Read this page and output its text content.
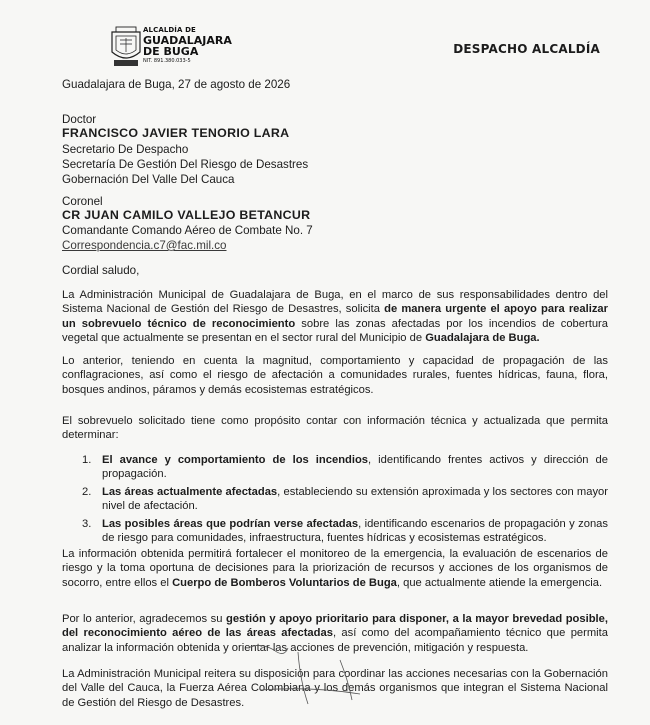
ALCALDÍA DE
GUADALAJARA
DE BUGA
NIT. 891.380.033-5
DESPACHO ALCALDÍA
Guadalajara de Buga, 27 de agosto de 2026
Doctor
FRANCISCO JAVIER TENORIO LARA
Secretario De Despacho
Secretaría De Gestión Del Riesgo de Desastres
Gobernación Del Valle Del Cauca
Coronel
CR JUAN CAMILO VALLEJO BETANCUR
Comandante Comando Aéreo de Combate No. 7
Correspondencia.c7@fac.mil.co
Cordial saludo,
La Administración Municipal de Guadalajara de Buga, en el marco de sus responsabilidades dentro del Sistema Nacional de Gestión del Riesgo de Desastres, solicita de manera urgente el apoyo para realizar un sobrevuelo técnico de reconocimiento sobre las zonas afectadas por los incendios de cobertura vegetal que actualmente se presentan en el sector rural del Municipio de Guadalajara de Buga.
Lo anterior, teniendo en cuenta la magnitud, comportamiento y capacidad de propagación de las conflagraciones, así como el riesgo de afectación a comunidades rurales, fuentes hídricas, fauna, flora, bosques andinos, páramos y demás ecosistemas estratégicos.
El sobrevuelo solicitado tiene como propósito contar con información técnica y actualizada que permita determinar:
1. El avance y comportamiento de los incendios, identificando frentes activos y dirección de propagación.
2. Las áreas actualmente afectadas, estableciendo su extensión aproximada y los sectores con mayor nivel de afectación.
3. Las posibles áreas que podrían verse afectadas, identificando escenarios de propagación y zonas de riesgo para comunidades, infraestructura, fuentes hídricas y ecosistemas estratégicos.
La información obtenida permitirá fortalecer el monitoreo de la emergencia, la evaluación de escenarios de riesgo y la toma oportuna de decisiones para la priorización de recursos y acciones de los organismos de socorro, entre ellos el Cuerpo de Bomberos Voluntarios de Buga, que actualmente atiende la emergencia.
Por lo anterior, agradecemos su gestión y apoyo prioritario para disponer, a la mayor brevedad posible, del reconocimiento aéreo de las áreas afectadas, así como del acompañamiento técnico que permita analizar la información obtenida y orientar las acciones de prevención, mitigación y respuesta.
La Administración Municipal reitera su disposición para coordinar las acciones necesarias con la Gobernación del Valle del Cauca, la Fuerza Aérea Colombiana y los demás organismos que integran el Sistema Nacional de Gestión del Riesgo de Desastres.
